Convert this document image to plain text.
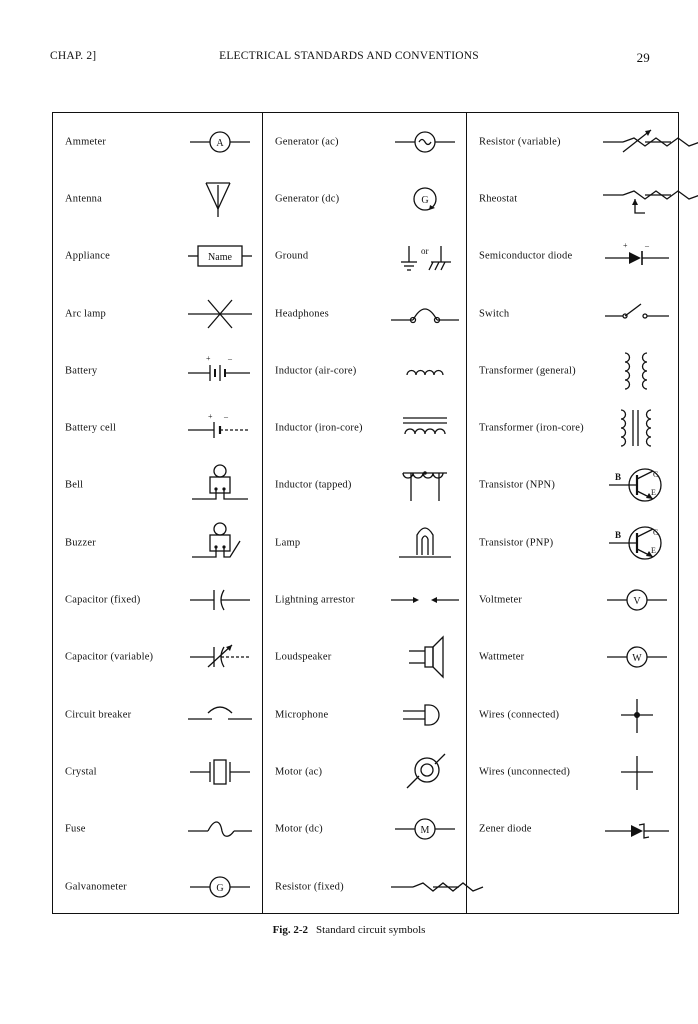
CHAP. 2]	ELECTRICAL STANDARDS AND CONVENTIONS	29
Ammeter	A
Antenna
Appliance	Name
Arc lamp
Battery
+ –
Battery cell
+ –
Bell
Buzzer
Capacitor (fixed)
Capacitor (variable)
Circuit breaker
Crystal
Fuse
Galvanometer	G
Generator (ac)
Generator (dc)	G
Ground	or
Headphones
Inductor (air-core)
Inductor (iron-core)
Inductor (tapped)
Lamp
Lightning arrestor
Loudspeaker
Microphone
Motor (ac)
Motor (dc)	M
Resistor (fixed)
Resistor (variable)
Rheostat
Semiconductor diode
+ –
Switch
Transformer (general)
Transformer (iron-core)
Transistor (NPN)
B	C
E
Transistor (PNP)
B	C
E
Voltmeter	V
Wattmeter	W
Wires (connected)
Wires (unconnected)
Zener diode
Fig. 2-2 Standard circuit symbols
